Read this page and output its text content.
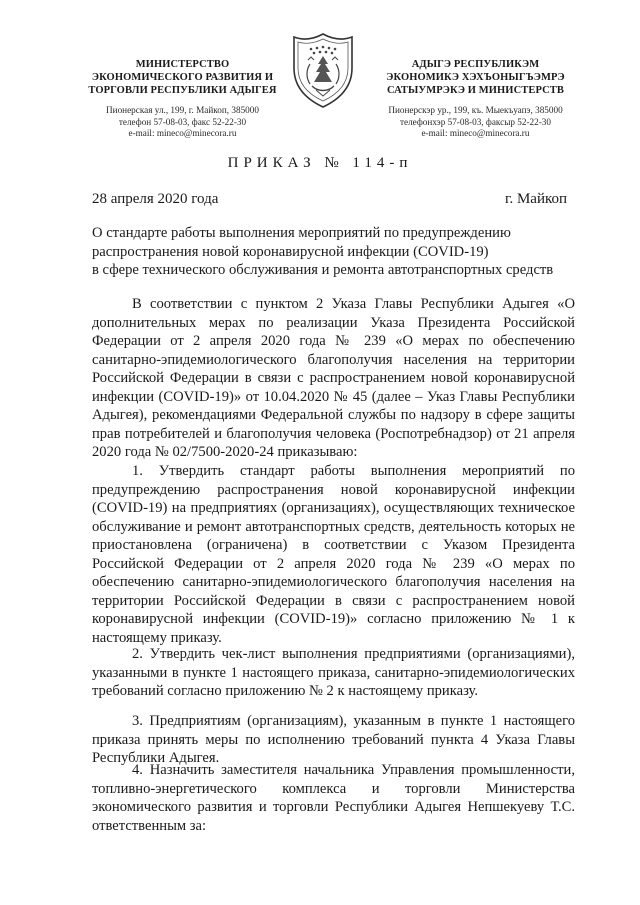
МИНИСТЕРСТВО
ЭКОНОМИЧЕСКОГО РАЗВИТИЯ И
ТОРГОВЛИ РЕСПУБЛИКИ АДЫГЕЯ
Пионерская ул., 199, г. Майкоп, 385000
телефон 57-08-03, факс 52-22-30
e-mail: mineco@minecora.ru
АДЫГЭ РЕСПУБЛИКЭМ
ЭКОНОМИКЭ ХЭХЪОНЫГЪЭМРЭ
САТЫУМРЭКЭ И МИНИСТЕРСТВ
Пионерскэр ур., 199, къ. Мыекъуапэ, 385000
телефонхэр 57-08-03, факсыр 52-22-30
e-mail: mineco@minecora.ru
ПРИКАЗ № 114-п
28 апреля 2020 года	г. Майкоп
О стандарте работы выполнения мероприятий по предупреждению
распространения новой коронавирусной инфекции (COVID-19)
в сфере технического обслуживания и ремонта автотранспортных средств

В соответствии с пунктом 2 Указа Главы Республики Адыгея «О дополнительных мерах по реализации Указа Президента Российской Федерации от 2 апреля 2020 года № 239 «О мерах по обеспечению санитарно-эпидемиологического благополучия населения на территории Российской Федерации в связи с распространением новой коронавирусной инфекции (COVID-19)» от 10.04.2020 № 45 (далее – Указ Главы Республики Адыгея), рекомендациями Федеральной службы по надзору в сфере защиты прав потребителей и благополучия человека (Роспотребнадзор) от 21 апреля 2020 года № 02/7500-2020-24 приказываю:

1. Утвердить стандарт работы выполнения мероприятий по предупреждению распространения новой коронавирусной инфекции (COVID-19) на предприятиях (организациях), осуществляющих техническое обслуживание и ремонт автотранспортных средств, деятельность которых не приостановлена (ограничена) в соответствии с Указом Президента Российской Федерации от 2 апреля 2020 года № 239 «О мерах по обеспечению санитарно-эпидемиологического благополучия населения на территории Российской Федерации в связи с распространением новой коронавирусной инфекции (COVID-19)» согласно приложению № 1 к настоящему приказу.

2. Утвердить чек-лист выполнения предприятиями (организациями), указанными в пункте 1 настоящего приказа, санитарно-эпидемиологических требований согласно приложению № 2 к настоящему приказу.

3. Предприятиям (организациям), указанным в пункте 1 настоящего приказа принять меры по исполнению требований пункта 4 Указа Главы Республики Адыгея.

4. Назначить заместителя начальника Управления промышленности, топливно-энергетического комплекса и торговли Министерства экономического развития и торговли Республики Адыгея Непшекуеву Т.С. ответственным за:
